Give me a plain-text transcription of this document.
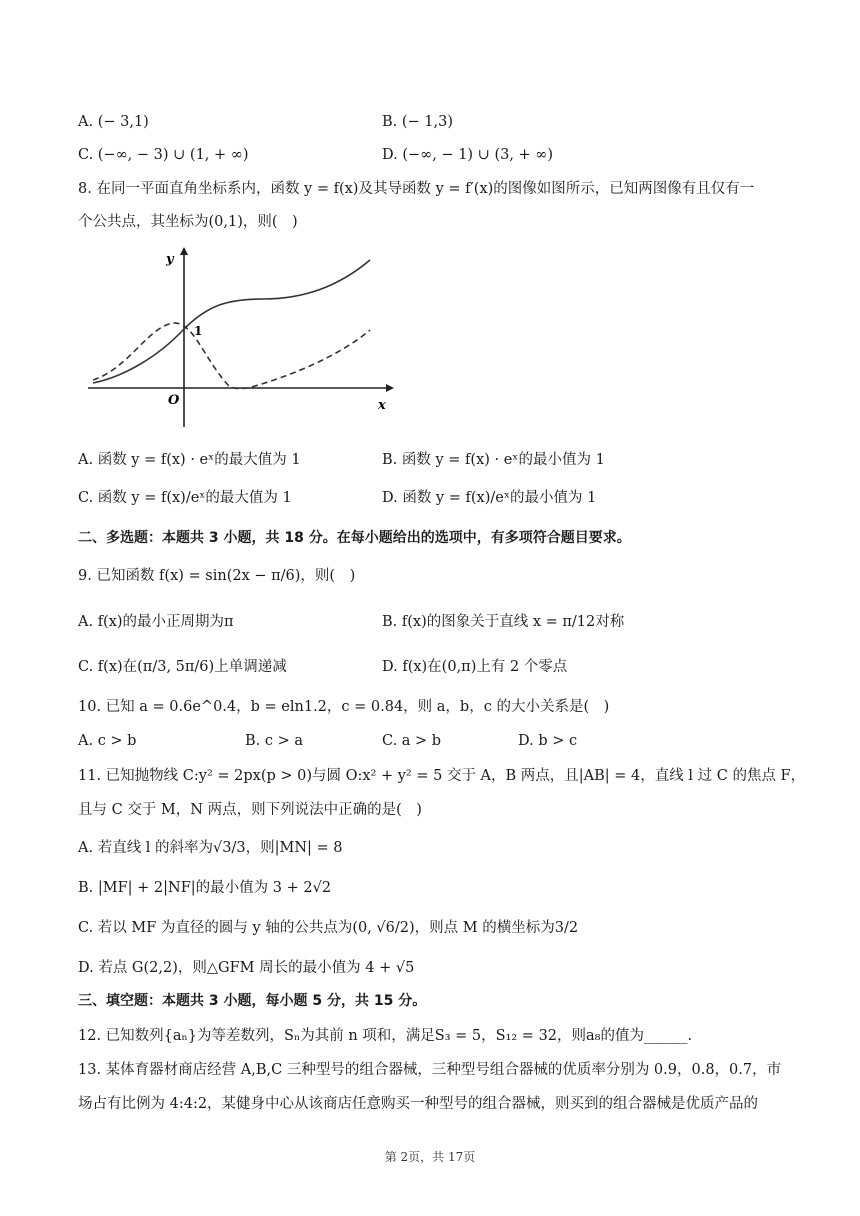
A. (− 3,1)	B. (− 1,3)
C. (−∞, − 3) ∪ (1, + ∞)	D. (−∞, − 1) ∪ (3, + ∞)
8. 在同一平面直角坐标系内，函数 y = f(x)及其导函数 y = f′(x)的图像如图所示，已知两图像有且仅有一
个公共点，其坐标为(0,1)，则(　)
y
x
O
1
A. 函数 y = f(x) · eˣ的最大值为 1	B. 函数 y = f(x) · eˣ的最小值为 1
C. 函数 y = f(x)/eˣ的最大值为 1	D. 函数 y = f(x)/eˣ的最小值为 1
二、多选题：本题共 3 小题，共 18 分。在每小题给出的选项中，有多项符合题目要求。
9. 已知函数 f(x) = sin(2x − π/6)，则(　)
A. f(x)的最小正周期为π	B. f(x)的图象关于直线 x = π/12对称
C. f(x)在(π/3, 5π/6)上单调递减	D. f(x)在(0,π)上有 2 个零点
10. 已知 a = 0.6e^0.4，b = eln1.2，c = 0.84，则 a，b，c 的大小关系是(　)
A. c > b	B. c > a	C. a > b	D. b > c
11. 已知抛物线 C:y² = 2px(p > 0)与圆 O:x² + y² = 5 交于 A，B 两点，且|AB| = 4，直线 l 过 C 的焦点 F，
且与 C 交于 M，N 两点，则下列说法中正确的是(　)
A. 若直线 l 的斜率为√3/3，则|MN| = 8
B. |MF| + 2|NF|的最小值为 3 + 2√2
C. 若以 MF 为直径的圆与 y 轴的公共点为(0, √6/2)，则点 M 的横坐标为3/2
D. 若点 G(2,2)，则△GFM 周长的最小值为 4 + √5
三、填空题：本题共 3 小题，每小题 5 分，共 15 分。
12. 已知数列{aₙ}为等差数列，Sₙ为其前 n 项和，满足S₃ = 5，S₁₂ = 32，则a₈的值为______.
13. 某体育器材商店经营 A,B,C 三种型号的组合器械，三种型号组合器械的优质率分别为 0.9，0.8，0.7，市
场占有比例为 4:4:2，某健身中心从该商店任意购买一种型号的组合器械，则买到的组合器械是优质产品的
第 2页，共 17页
